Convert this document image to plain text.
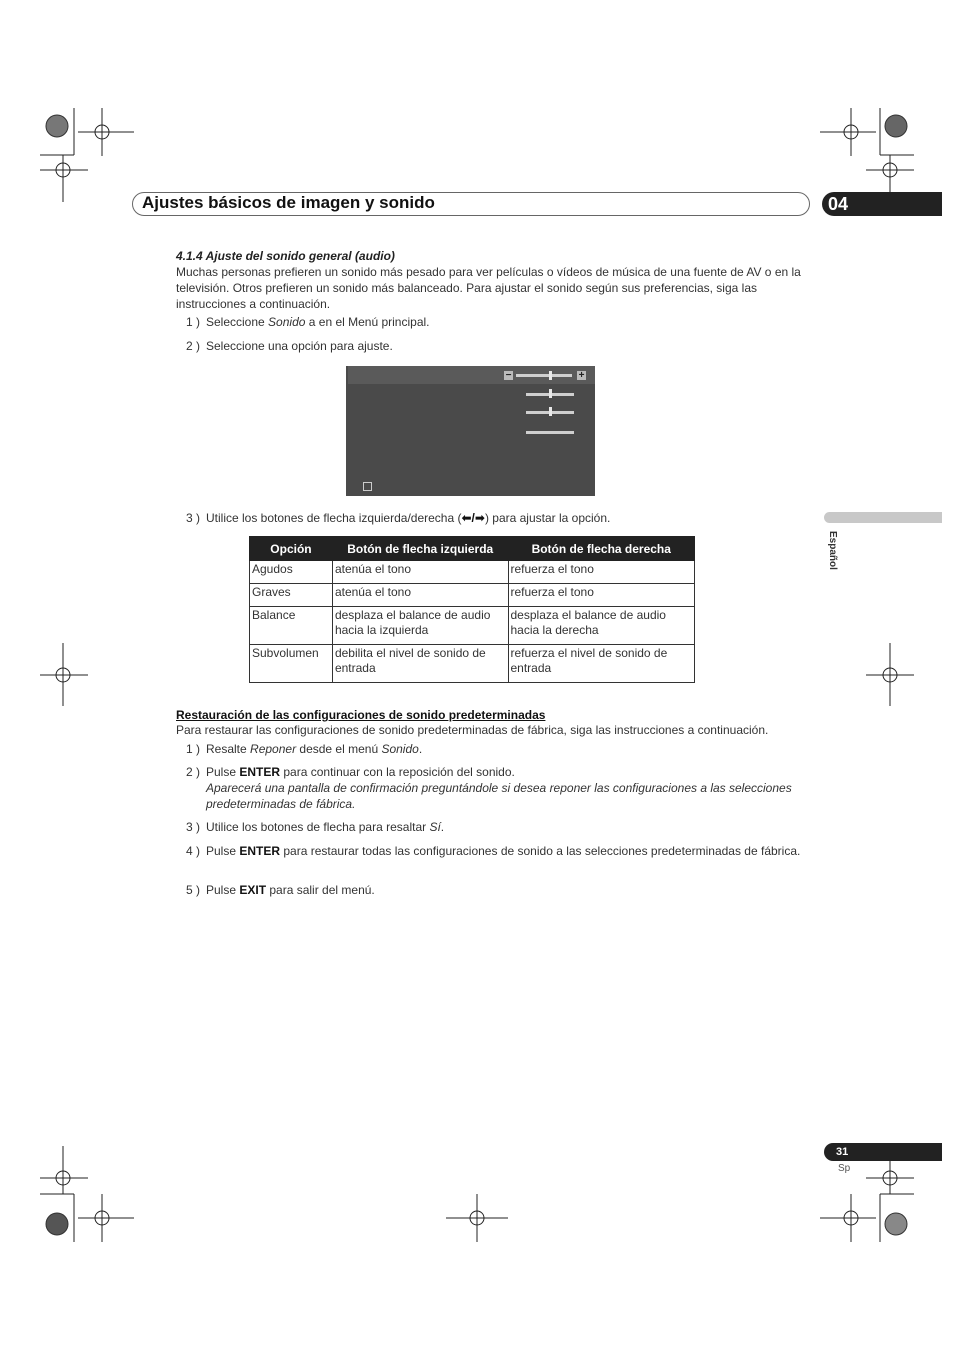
Ajustes básicos de imagen y sonido	04
Español
4.1.4 Ajuste del sonido general (audio)
Muchas personas prefieren un sonido más pesado para ver películas o vídeos de música de una fuente de AV o en la televisión. Otros prefieren un sonido más balanceado. Para ajustar el sonido según sus preferencias, siga las instrucciones a continuación.
1 ) Seleccione Sonido a en el Menú principal.
2 ) Seleccione una opción para ajuste.
−	+
3 ) Utilice los botones de flecha izquierda/derecha (⬅/➡) para ajustar la opción.
Opción	Botón de flecha izquierda	Botón de flecha derecha
Agudos	atenúa el tono	refuerza el tono
Graves	atenúa el tono	refuerza el tono
Balance	desplaza el balance de audio hacia la izquierda	desplaza el balance de audio hacia la derecha
Subvolumen	debilita el nivel de sonido de entrada	refuerza el nivel de sonido de entrada
Restauración de las configuraciones de sonido predeterminadas
Para restaurar las configuraciones de sonido predeterminadas de fábrica, siga las instrucciones a continuación.
1 ) Resalte Reponer desde el menú Sonido.
2 ) Pulse ENTER para continuar con la reposición del sonido.
Aparecerá una pantalla de confirmación preguntándole si desea reponer las configuraciones a las selecciones predeterminadas de fábrica.
3 ) Utilice los botones de flecha para resaltar Sí.
4 ) Pulse ENTER para restaurar todas las configuraciones de sonido a las selecciones predeterminadas de fábrica.
5 ) Pulse EXIT para salir del menú.
31
Sp
